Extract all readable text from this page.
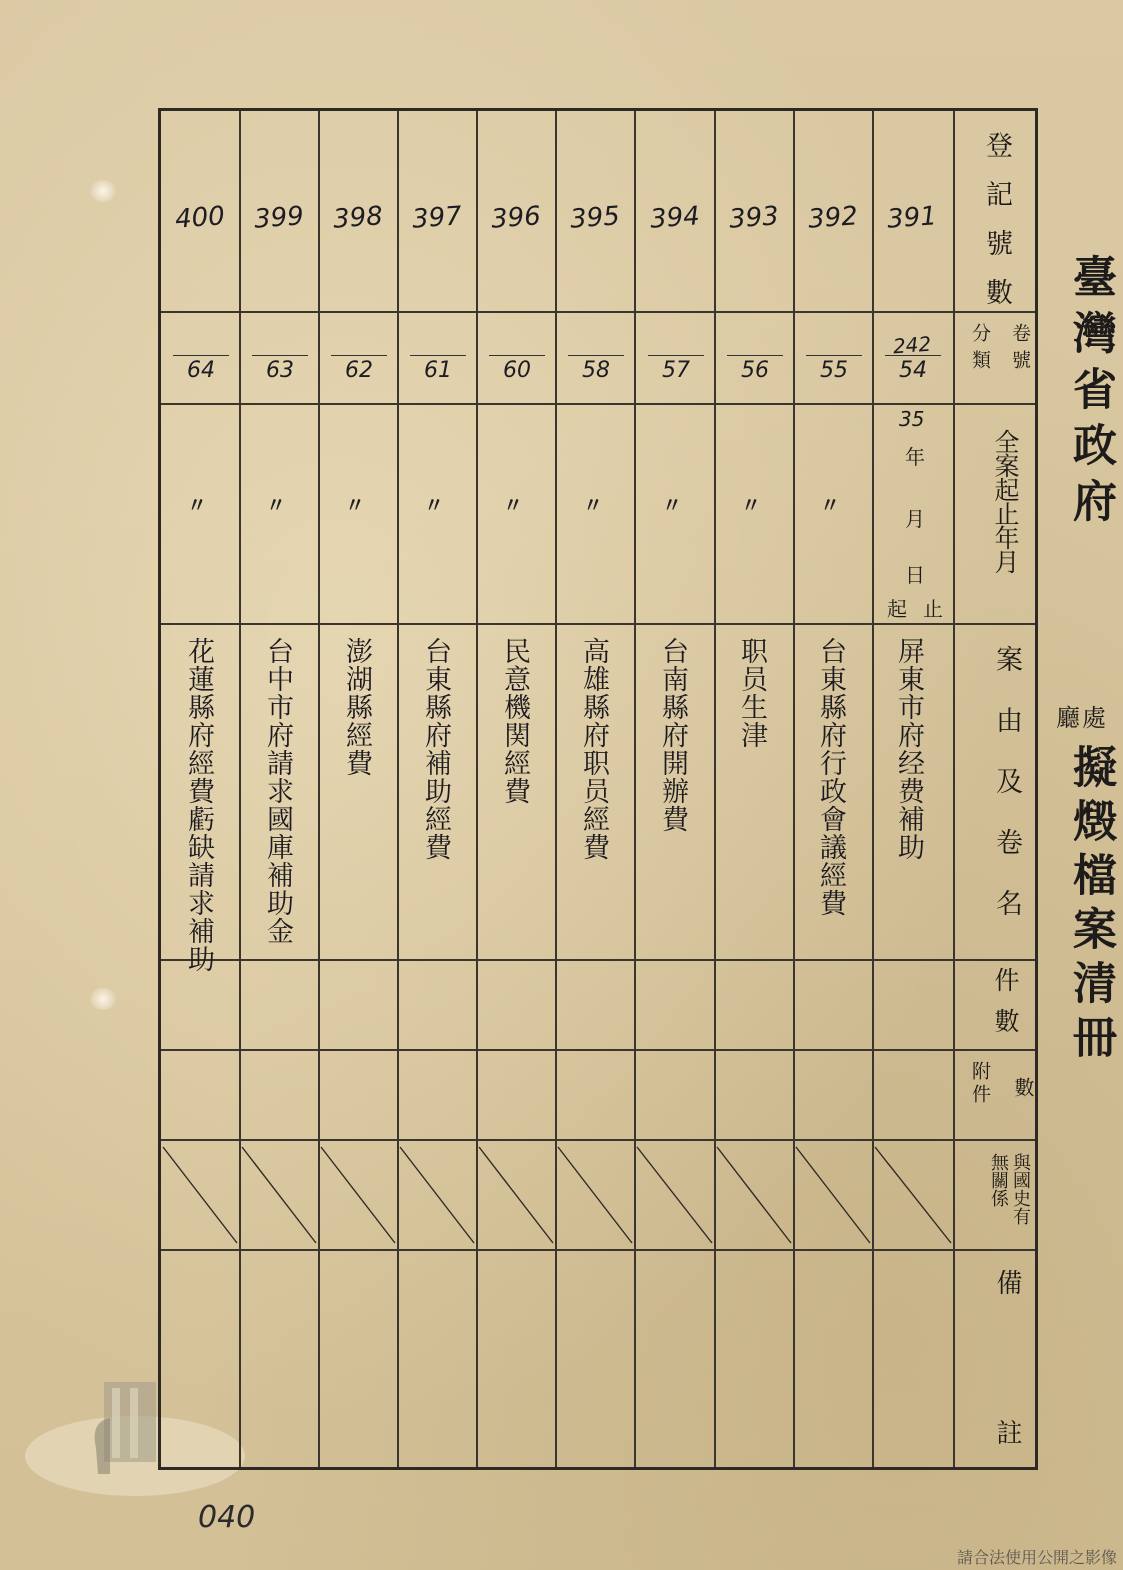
391
392
393
394
395
396
397
398
399
400
242
54
55
56
57
58
60
61
62
63
64
35
年
月
日
起 止
〃
〃
〃
〃
〃
〃
〃
〃
〃
屏東市府经费補助
台東縣府行政會議經費
职员生津
台南縣府開辦費
高雄縣府职员經費
民意機関經費
台東縣府補助經費
澎湖縣經費
台中市府請求國庫補助金
花蓮縣府經費虧缺請求補助
登記號數
卷號
分類
全案起止年月
案由及卷名
件數
數
附件
與國史有無關係
備
註
臺灣省政府
廳處
擬燬檔案清冊
040
請合法使用公開之影像
